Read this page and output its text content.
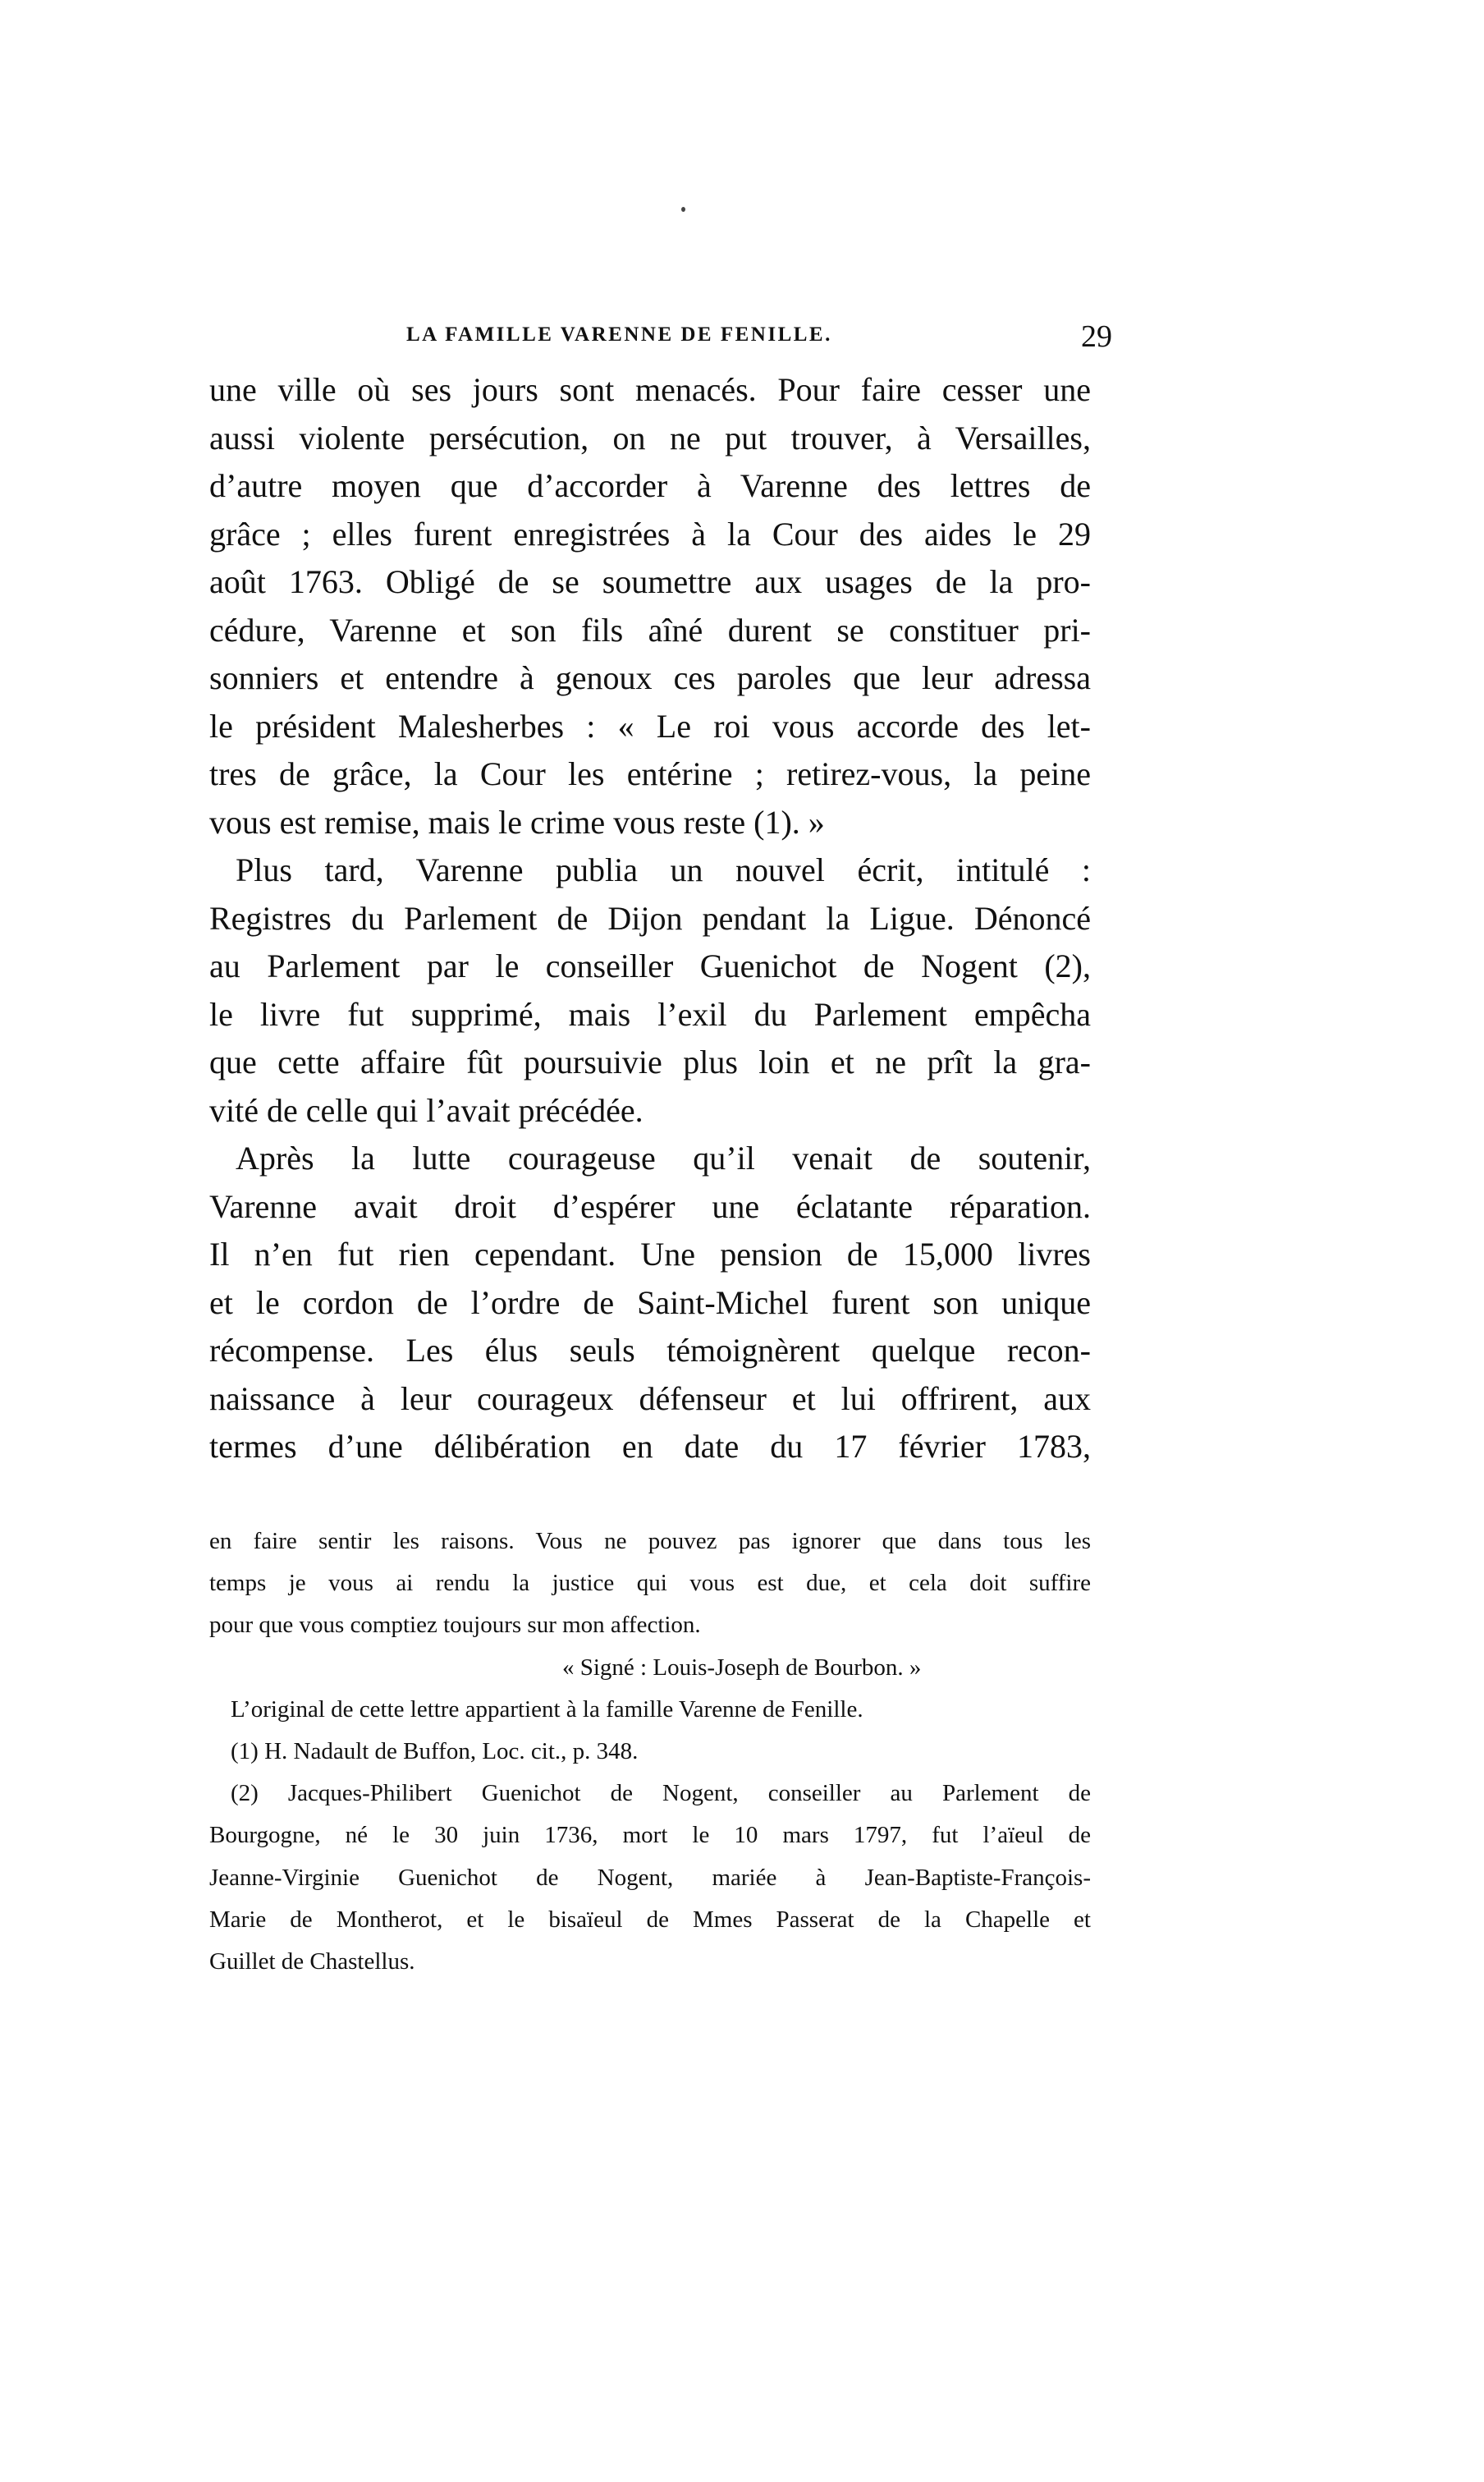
LA FAMILLE VARENNE DE FENILLE.	29
une ville où ses jours sont menacés. Pour faire cesser une
aussi violente persécution, on ne put trouver, à Versailles,
d’autre moyen que d’accorder à Varenne des lettres de
grâce ; elles furent enregistrées à la Cour des aides le 29
août 1763. Obligé de se soumettre aux usages de la pro-
cédure, Varenne et son fils aîné durent se constituer pri-
sonniers et entendre à genoux ces paroles que leur adressa
le président Malesherbes : « Le roi vous accorde des let-
tres de grâce, la Cour les entérine ; retirez-vous, la peine
vous est remise, mais le crime vous reste (1). »
Plus tard, Varenne publia un nouvel écrit, intitulé :
Registres du Parlement de Dijon pendant la Ligue. Dénoncé
au Parlement par le conseiller Guenichot de Nogent (2),
le livre fut supprimé, mais l’exil du Parlement empêcha
que cette affaire fût poursuivie plus loin et ne prît la gra-
vité de celle qui l’avait précédée.
Après la lutte courageuse qu’il venait de soutenir,
Varenne avait droit d’espérer une éclatante réparation.
Il n’en fut rien cependant. Une pension de 15,000 livres
et le cordon de l’ordre de Saint-Michel furent son unique
récompense. Les élus seuls témoignèrent quelque recon-
naissance à leur courageux défenseur et lui offrirent, aux
termes d’une délibération en date du 17 février 1783,
en faire sentir les raisons. Vous ne pouvez pas ignorer que dans tous les
temps je vous ai rendu la justice qui vous est due, et cela doit suffire
pour que vous comptiez toujours sur mon affection.
« Signé : Louis-Joseph de Bourbon. »
L’original de cette lettre appartient à la famille Varenne de Fenille.
(1) H. Nadault de Buffon, Loc. cit., p. 348.
(2) Jacques-Philibert Guenichot de Nogent, conseiller au Parlement de
Bourgogne, né le 30 juin 1736, mort le 10 mars 1797, fut l’aïeul de
Jeanne-Virginie Guenichot de Nogent, mariée à Jean-Baptiste-François-
Marie de Montherot, et le bisaïeul de Mmes Passerat de la Chapelle et
Guillet de Chastellus.
